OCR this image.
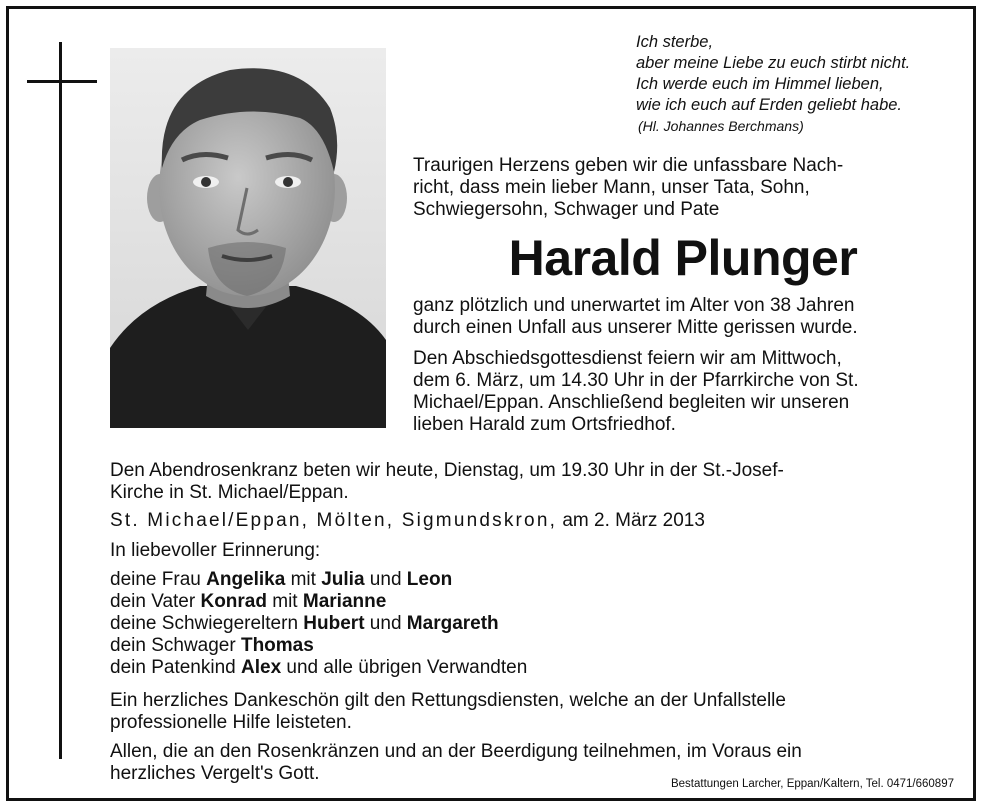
Ich sterbe,
aber meine Liebe zu euch stirbt nicht.
Ich werde euch im Himmel lieben,
wie ich euch auf Erden geliebt habe.
(Hl. Johannes Berchmans)
Traurigen Herzens geben wir die unfassbare Nach-
richt, dass mein lieber Mann, unser Tata, Sohn,
Schwiegersohn, Schwager und Pate
Harald Plunger
ganz plötzlich und unerwartet im Alter von 38 Jahren
durch einen Unfall aus unserer Mitte gerissen wurde.
Den Abschiedsgottesdienst feiern wir am Mittwoch,
dem 6. März, um 14.30 Uhr in der Pfarrkirche von St.
Michael/Eppan. Anschließend begleiten wir unseren
lieben Harald zum Ortsfriedhof.
Den Abendrosenkranz beten wir heute, Dienstag, um 19.30 Uhr in der St.-Josef-
Kirche in St. Michael/Eppan.
St. Michael/Eppan, Mölten, Sigmundskron, am 2. März 2013
In liebevoller Erinnerung:
deine Frau Angelika mit Julia und Leon
dein Vater Konrad mit Marianne
deine Schwiegereltern Hubert und Margareth
dein Schwager Thomas
dein Patenkind Alex und alle übrigen Verwandten
Ein herzliches Dankeschön gilt den Rettungsdiensten, welche an der Unfallstelle
professionelle Hilfe leisteten.
Allen, die an den Rosenkränzen und an der Beerdigung teilnehmen, im Voraus ein
herzliches Vergelt's Gott.	Bestattungen Larcher, Eppan/Kaltern, Tel. 0471/660897
